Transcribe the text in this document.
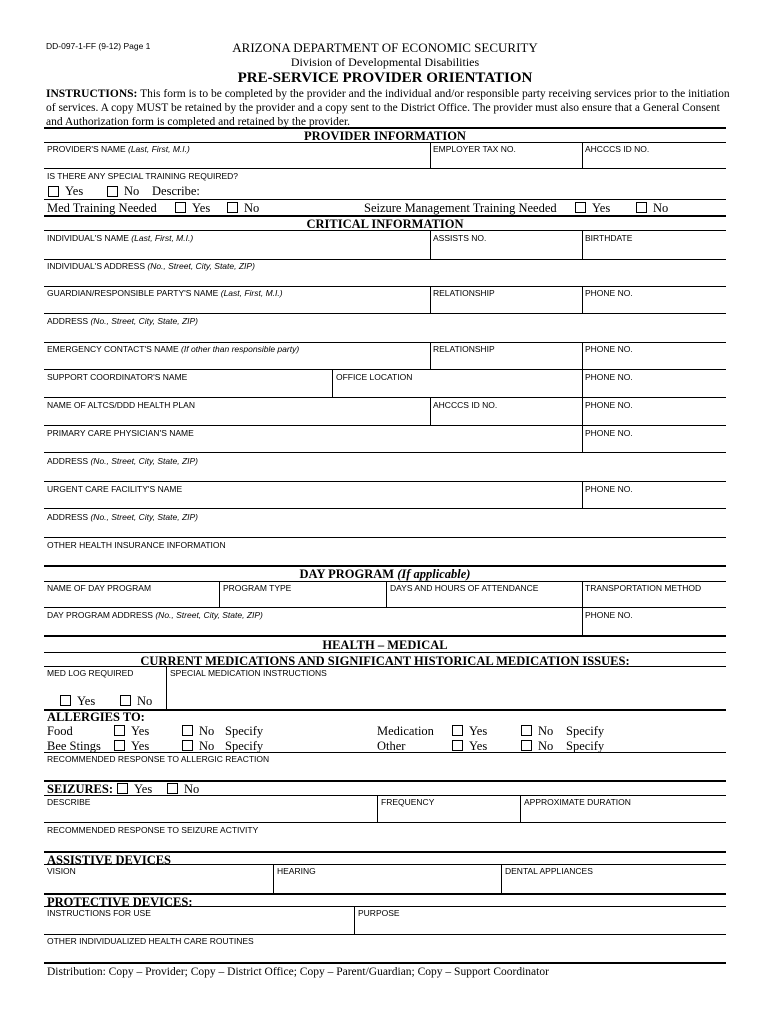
DD-097-1-FF (9-12) Page 1	ARIZONA DEPARTMENT OF ECONOMIC SECURITY
Division of Developmental Disabilities
PRE-SERVICE PROVIDER ORIENTATION
INSTRUCTIONS: This form is to be completed by the provider and the individual and/or responsible party receiving services prior to the initiation
of services. A copy MUST be retained by the provider and a copy sent to the District Office. The provider must also ensure that a General Consent
and Authorization form is completed and retained by the provider.
PROVIDER INFORMATION
PROVIDER'S NAME (Last, First, M.I.)	EMPLOYER TAX NO.	AHCCCS ID NO.
IS THERE ANY SPECIAL TRAINING REQUIRED?
Yes	No Describe:
Med Training Needed	Yes	No	Seizure Management Training Needed	Yes	No
CRITICAL INFORMATION
INDIVIDUAL'S NAME (Last, First, M.I.)	ASSISTS NO.	BIRTHDATE
INDIVIDUAL'S ADDRESS (No., Street, City, State, ZIP)
GUARDIAN/RESPONSIBLE PARTY'S NAME (Last, First, M.I.)	RELATIONSHIP	PHONE NO.
ADDRESS (No., Street, City, State, ZIP)
EMERGENCY CONTACT'S NAME (If other than responsible party)	RELATIONSHIP	PHONE NO.
SUPPORT COORDINATOR'S NAME	OFFICE LOCATION	PHONE NO.
NAME OF ALTCS/DDD HEALTH PLAN	AHCCCS ID NO.	PHONE NO.
PRIMARY CARE PHYSICIAN'S NAME	PHONE NO.
ADDRESS (No., Street, City, State, ZIP)
URGENT CARE FACILITY'S NAME	PHONE NO.
ADDRESS (No., Street, City, State, ZIP)
OTHER HEALTH INSURANCE INFORMATION
DAY PROGRAM (If applicable)
NAME OF DAY PROGRAM	PROGRAM TYPE	DAYS AND HOURS OF ATTENDANCE	TRANSPORTATION METHOD
DAY PROGRAM ADDRESS (No., Street, City, State, ZIP)	PHONE NO.
HEALTH – MEDICAL
CURRENT MEDICATIONS AND SIGNIFICANT HISTORICAL MEDICATION ISSUES:
MED LOG REQUIRED	SPECIAL MEDICATION INSTRUCTIONS
Yes	No
ALLERGIES TO:
Food	Yes	No Specify	Medication	Yes	No Specify
Bee Stings Yes	No Specify	Other	Yes	No Specify
RECOMMENDED RESPONSE TO ALLERGIC REACTION
SEIZURES: Yes	No
DESCRIBE	FREQUENCY	APPROXIMATE DURATION
RECOMMENDED RESPONSE TO SEIZURE ACTIVITY
ASSISTIVE DEVICES
VISION	HEARING	DENTAL APPLIANCES
PROTECTIVE DEVICES:
INSTRUCTIONS FOR USE	PURPOSE
OTHER INDIVIDUALIZED HEALTH CARE ROUTINES
Distribution: Copy – Provider; Copy – District Office; Copy – Parent/Guardian; Copy – Support Coordinator
